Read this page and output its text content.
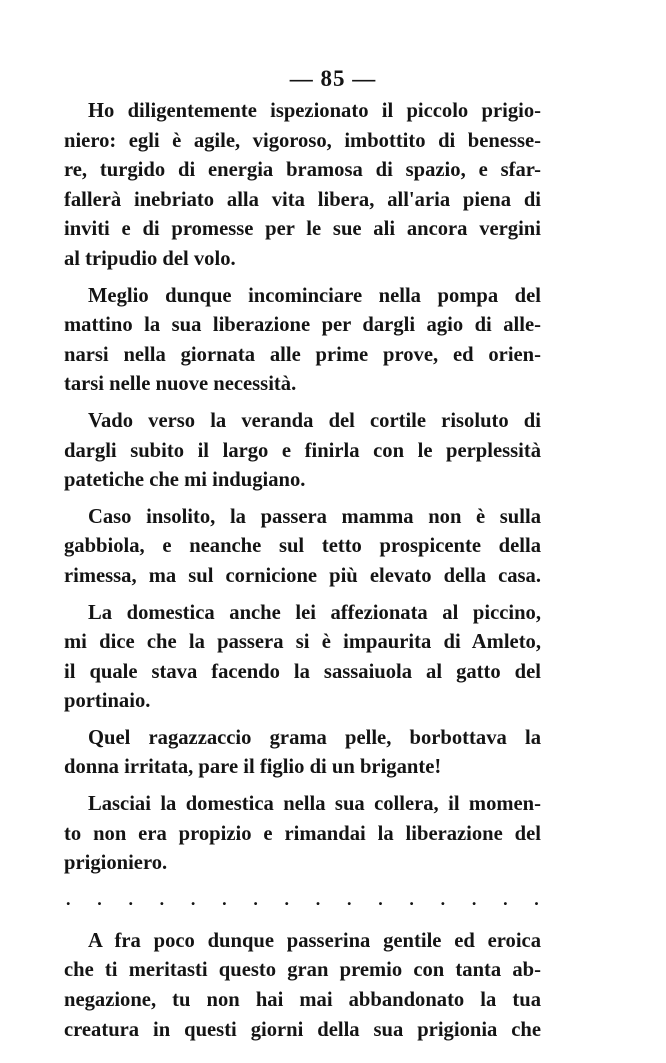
— 85 —

Ho diligentemente ispezionato il piccolo prigio-
niero: egli è agile, vigoroso, imbottito di benesse-
re, turgido di energia bramosa di spazio, e sfar-
fallerà inebriato alla vita libera, all'aria piena di
inviti e di promesse per le sue ali ancora vergini
al tripudio del volo.

Meglio dunque incominciare nella pompa del
mattino la sua liberazione per dargli agio di alle-
narsi nella giornata alle prime prove, ed orien-
tarsi nelle nuove necessità.

Vado verso la veranda del cortile risoluto di
dargli subito il largo e finirla con le perplessità
patetiche che mi indugiano.

Caso insolito, la passera mamma non è sulla
gabbiola, e neanche sul tetto prospicente della
rimessa, ma sul cornicione più elevato della casa.

La domestica anche lei affezionata al piccino,
mi dice che la passera si è impaurita di Amleto,
il quale stava facendo la sassaiuola al gatto del
portinaio.

Quel ragazzaccio grama pelle, borbottava la
donna irritata, pare il figlio di un brigante!

Lasciai la domestica nella sua collera, il momen-
to non era propizio e rimandai la liberazione del
prigioniero.

. . . . . . . . . . . . . . . .

A fra poco dunque passerina gentile ed eroica
che ti meritasti questo gran premio con tanta ab-
negazione, tu non hai mai abbandonato la tua
creatura in questi giorni della sua prigionia che
